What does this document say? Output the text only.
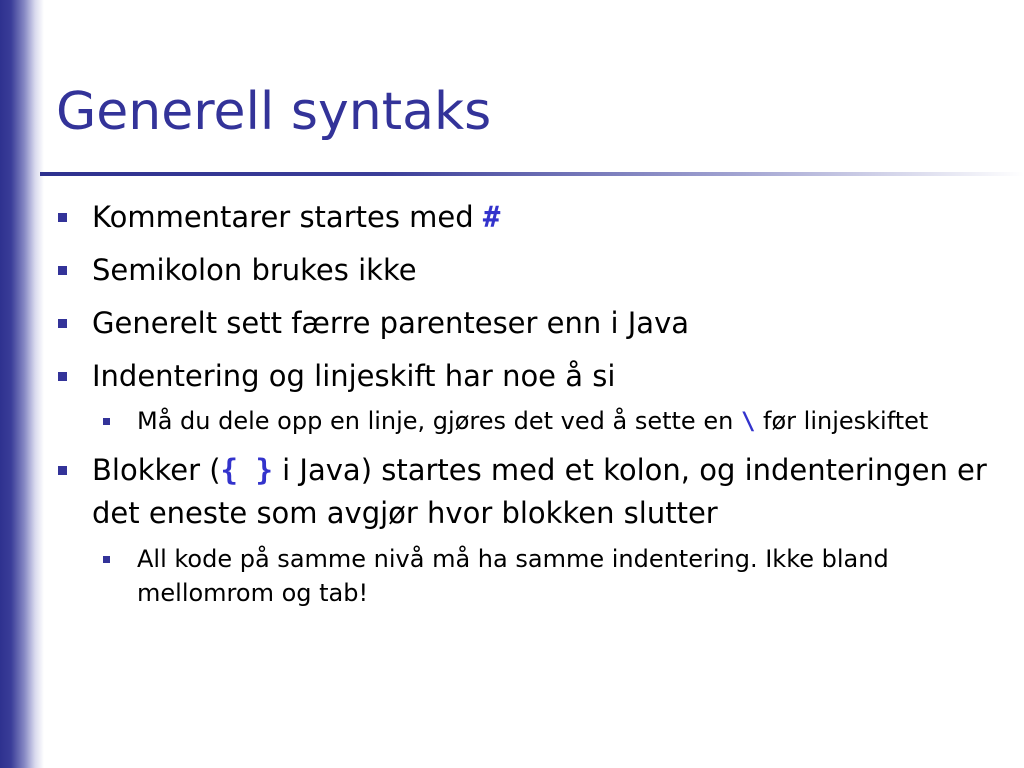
Generell syntaks
Kommentarer startes med #
Semikolon brukes ikke
Generelt sett færre parenteser enn i Java
Indentering og linjeskift har noe å si
Må du dele opp en linje, gjøres det ved å sette en \ før linjeskiftet
Blokker ({ } i Java) startes med et kolon, og indenteringen er det eneste som avgjør hvor blokken slutter
All kode på samme nivå må ha samme indentering. Ikke bland mellomrom og tab!
